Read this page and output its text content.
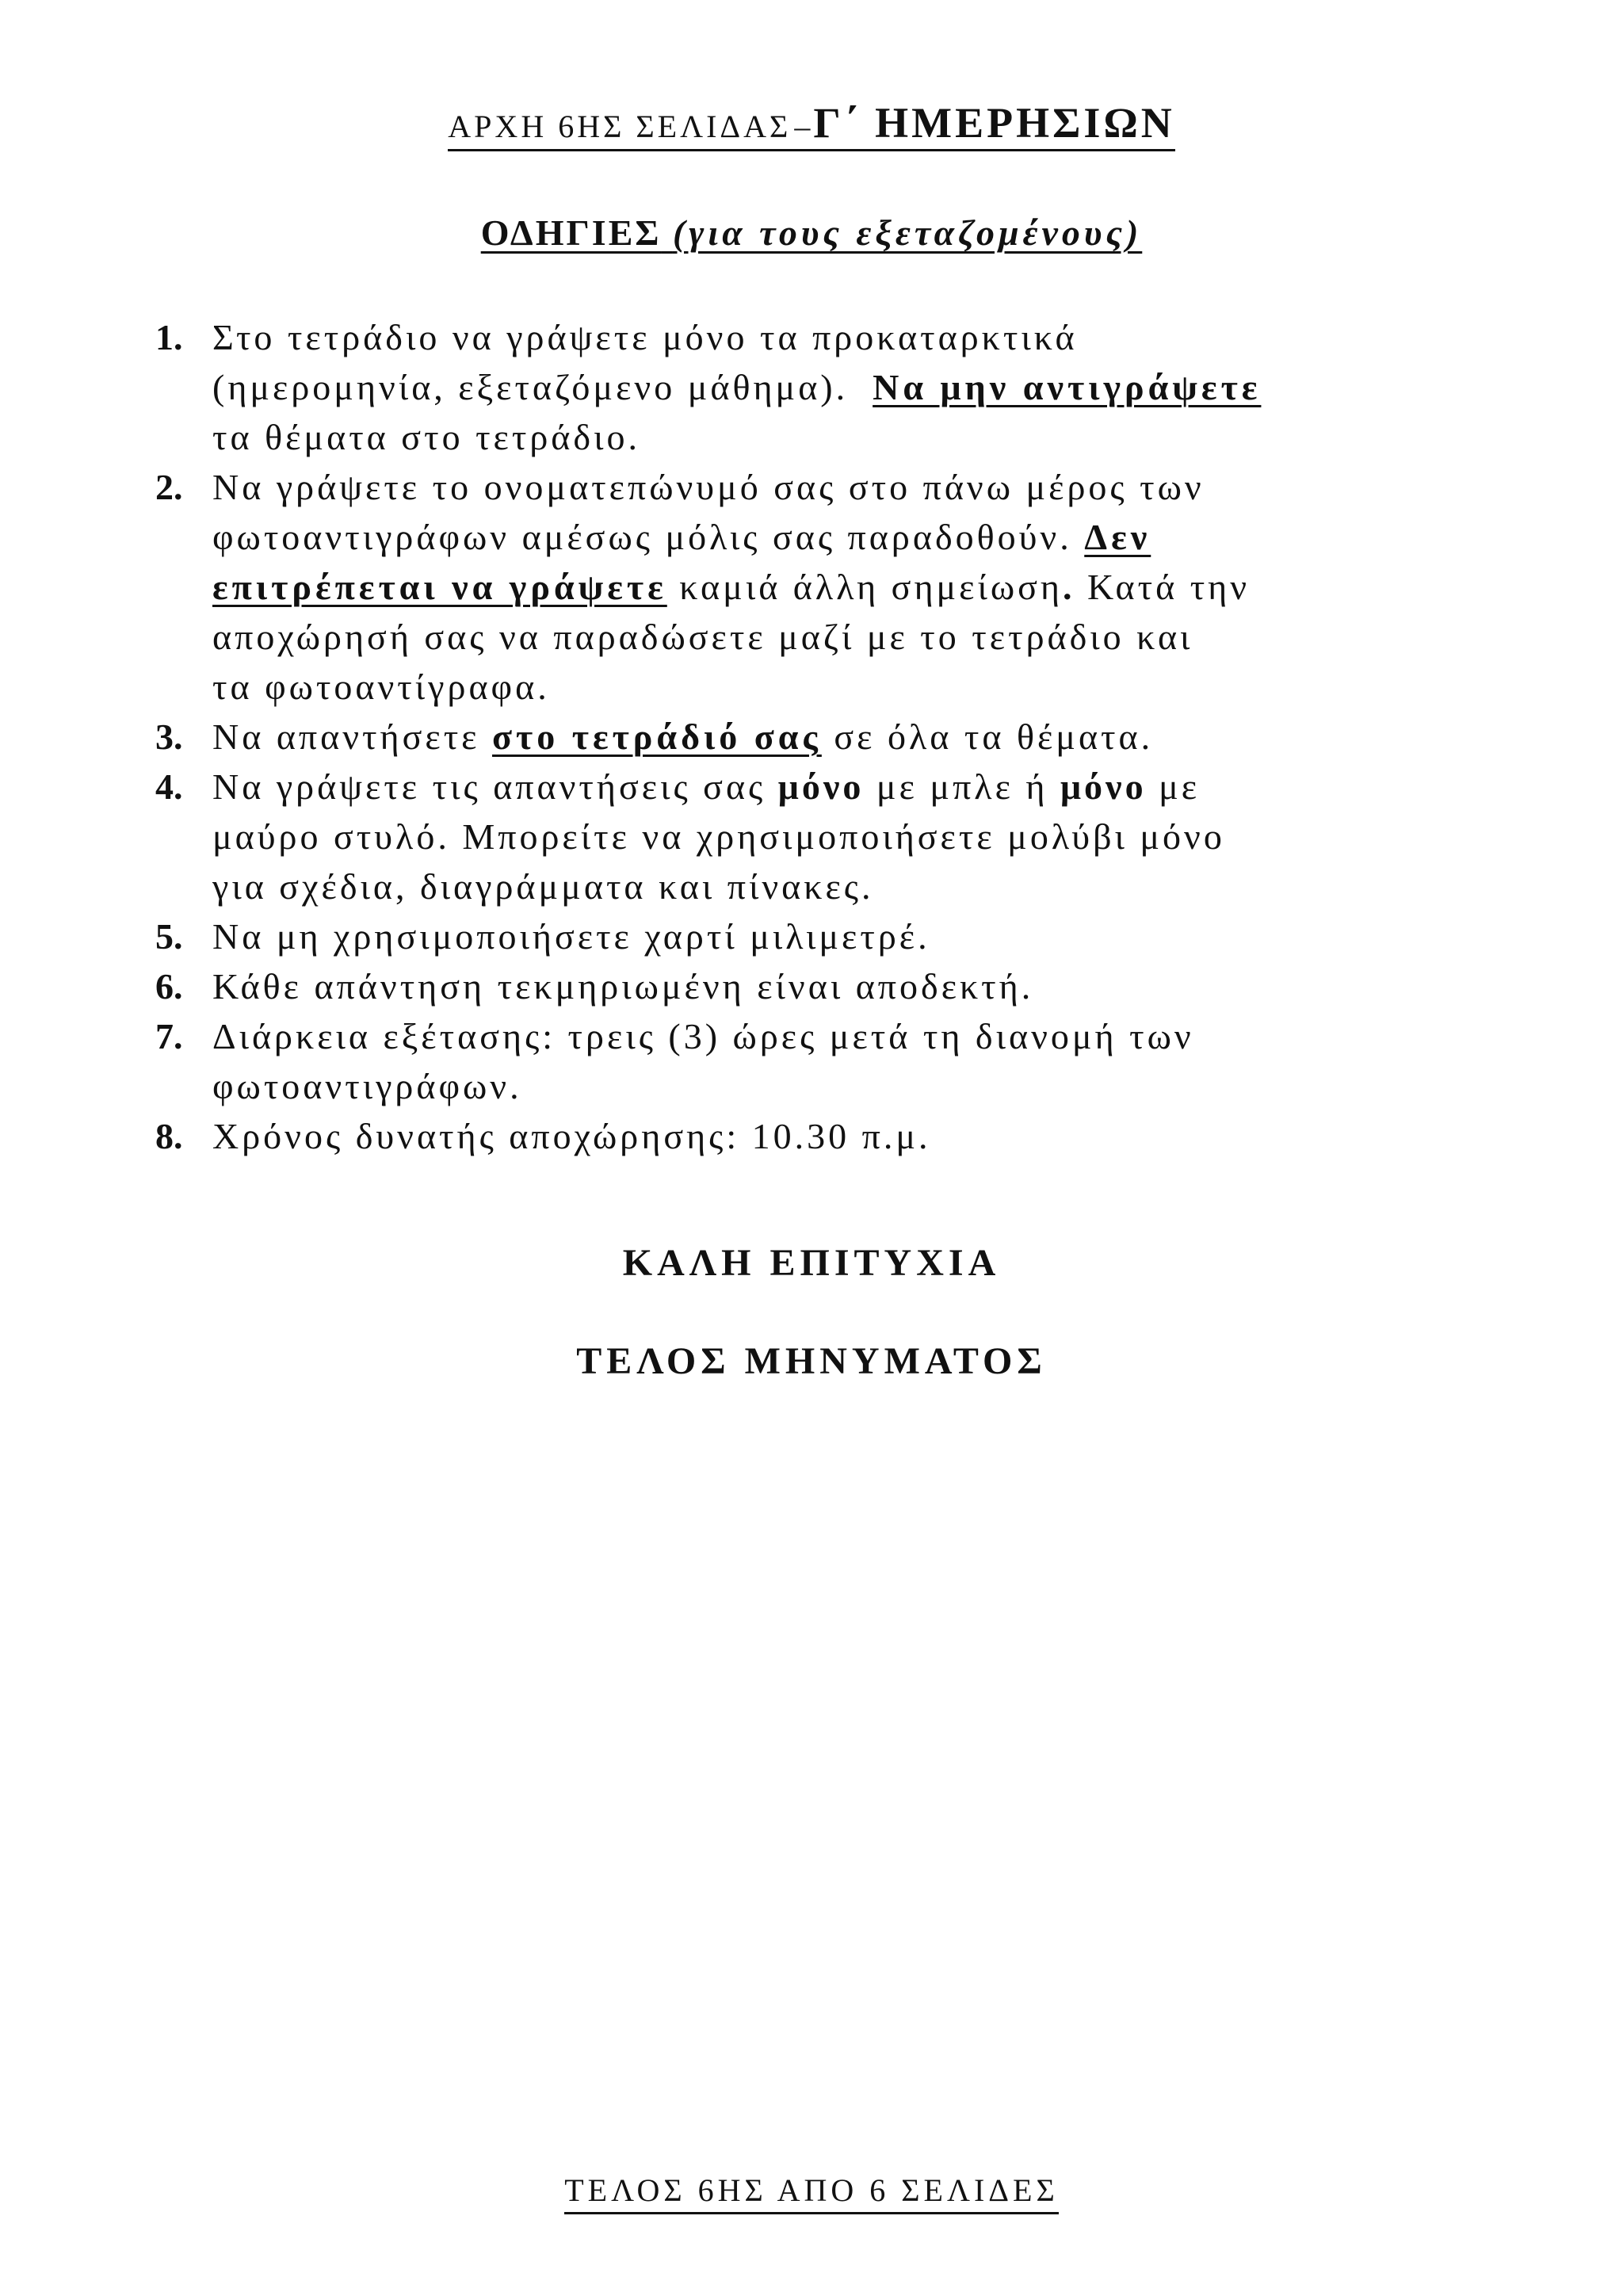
ΑΡΧΗ 6ΗΣ ΣΕΛΙΔΑΣ – Γ΄ ΗΜΕΡΗΣΙΩΝ
ΟΔΗΓΙΕΣ (για τους εξεταζομένους)
1. Στο τετράδιο να γράψετε μόνο τα προκαταρκτικά
(ημερομηνία, εξεταζόμενο μάθημα). Να μην αντιγράψετε
τα θέματα στο τετράδιο.
2. Να γράψετε το ονοματεπώνυμό σας στο πάνω μέρος των
φωτοαντιγράφων αμέσως μόλις σας παραδοθούν. Δεν
επιτρέπεται να γράψετε καμιά άλλη σημείωση. Κατά την
αποχώρησή σας να παραδώσετε μαζί με το τετράδιο και
τα φωτοαντίγραφα.
3. Να απαντήσετε στο τετράδιό σας σε όλα τα θέματα.
4. Να γράψετε τις απαντήσεις σας μόνο με μπλε ή μόνο με
μαύρο στυλό. Μπορείτε να χρησιμοποιήσετε μολύβι μόνο
για σχέδια, διαγράμματα και πίνακες.
5. Να μη χρησιμοποιήσετε χαρτί μιλιμετρέ.
6. Κάθε απάντηση τεκμηριωμένη είναι αποδεκτή.
7. Διάρκεια εξέτασης: τρεις (3) ώρες μετά τη διανομή των
φωτοαντιγράφων.
8. Χρόνος δυνατής αποχώρησης: 10.30 π.μ.
ΚΑΛΗ ΕΠΙΤΥΧΙΑ
ΤΕΛΟΣ ΜΗΝΥΜΑΤΟΣ
ΤΕΛΟΣ 6ΗΣ ΑΠΟ 6 ΣΕΛΙΔΕΣ
